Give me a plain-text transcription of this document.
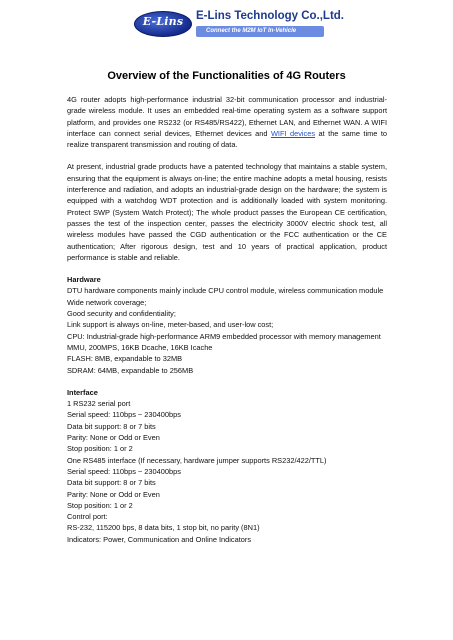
E-Lins	E-Lins Technology Co.,Ltd.
Connect the M2M IoT In-Vehicle
Overview of the Functionalities of 4G Routers

4G router adopts high-performance industrial 32-bit communication processor and industrial-grade wireless module. It uses an embedded real-time operating system as a software support platform, and provides one RS232 (or RS485/RS422), Ethernet LAN, and Ethernet WAN. A WIFI interface can connect serial devices, Ethernet devices and WIFI devices at the same time to realize transparent transmission and routing of data.

At present, industrial grade products have a patented technology that maintains a stable system, ensuring that the equipment is always on-line; the entire machine adopts a metal housing, resists interference and radiation, and adopts an industrial-grade design on the hardware; the system is equipped with a watchdog WDT protection and is additionally loaded with system monitoring. Protect SWP (System Watch Protect); The whole product passes the European CE certification, passes the test of the inspection center, passes the electricity 3000V electric shock test, all wireless modules have passed the CGD authentication or the FCC authentication or the CE authentication; After rigorous design, test and 10 years of practical application, product performance is stable and reliable.

Hardware

DTU hardware components mainly include CPU control module, wireless communication module

Wide network coverage;

Good security and confidentiality;

Link support is always on-line, meter-based, and user-low cost;

CPU: Industrial-grade high-performance ARM9 embedded processor with memory management MMU, 200MPS, 16KB Dcache, 16KB Icache

FLASH: 8MB, expandable to 32MB

SDRAM: 64MB, expandable to 256MB

Interface

1 RS232 serial port

Serial speed: 110bps ~ 230400bps

Data bit support: 8 or 7 bits

Parity: None or Odd or Even

Stop position: 1 or 2

One RS485 interface (If necessary, hardware jumper supports RS232/422/TTL)

Serial speed: 110bps ~ 230400bps

Data bit support: 8 or 7 bits

Parity: None or Odd or Even

Stop position: 1 or 2

Control port:

RS-232, 115200 bps, 8 data bits, 1 stop bit, no parity (8N1)

Indicators: Power, Communication and Online Indicators
